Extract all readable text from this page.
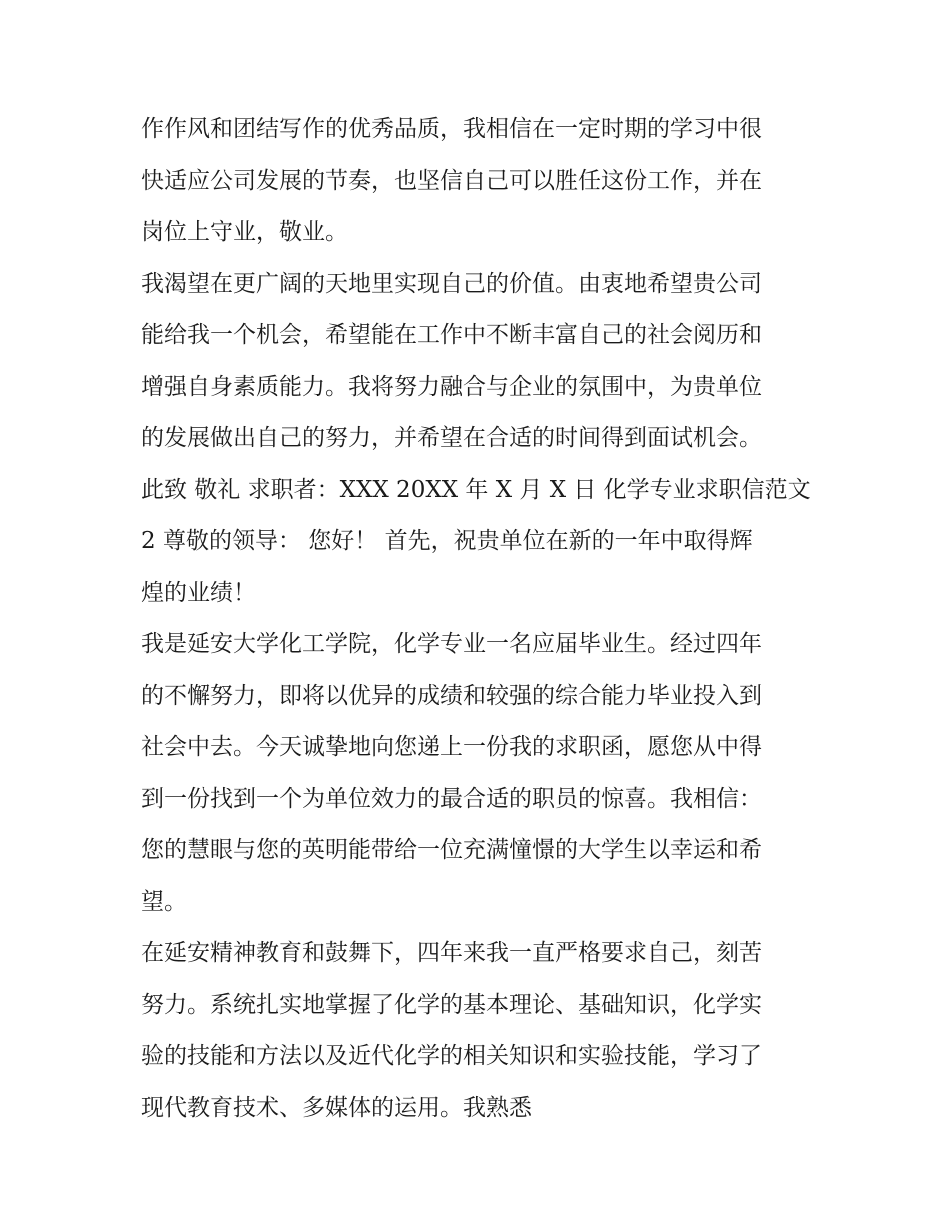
作作风和团结写作的优秀品质，我相信在一定时期的学习中很
快适应公司发展的节奏，也坚信自己可以胜任这份工作，并在
岗位上守业，敬业。
我渴望在更广阔的天地里实现自己的价值。由衷地希望贵公司
能给我一个机会，希望能在工作中不断丰富自己的社会阅历和
增强自身素质能力。我将努力融合与企业的氛围中，为贵单位
的发展做出自己的努力，并希望在合适的时间得到面试机会。
此致 敬礼 求职者：XXX 20XX 年 X 月 X 日 化学专业求职信范文
2 尊敬的领导： 您好！ 首先，祝贵单位在新的一年中取得辉
煌的业绩！
我是延安大学化工学院，化学专业一名应届毕业生。经过四年
的不懈努力，即将以优异的成绩和较强的综合能力毕业投入到
社会中去。今天诚挚地向您递上一份我的求职函，愿您从中得
到一份找到一个为单位效力的最合适的职员的惊喜。我相信：
您的慧眼与您的英明能带给一位充满憧憬的大学生以幸运和希
望。
在延安精神教育和鼓舞下，四年来我一直严格要求自己，刻苦
努力。系统扎实地掌握了化学的基本理论、基础知识，化学实
验的技能和方法以及近代化学的相关知识和实验技能，学习了
现代教育技术、多媒体的运用。我熟悉
